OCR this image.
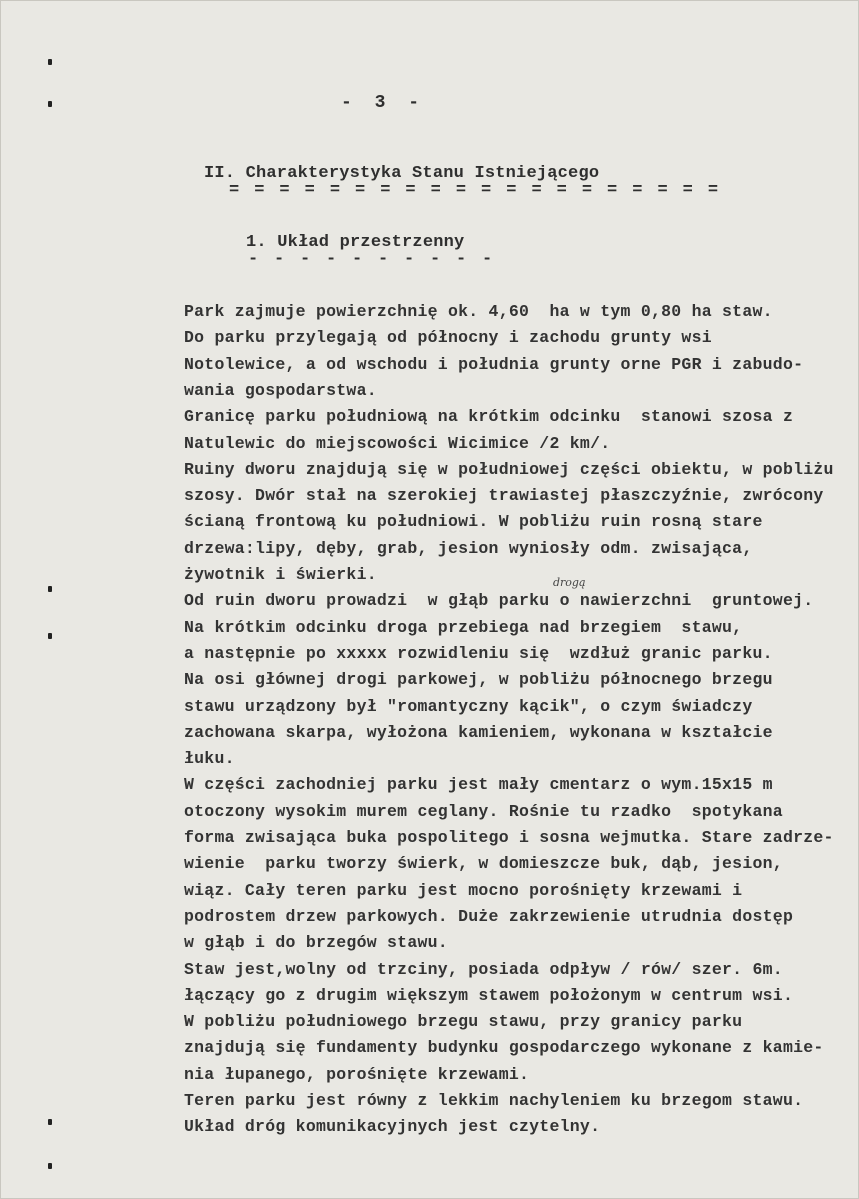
- 3 -
II. Charakterystyka Stanu Istniejącego
= = = = = = = = = = = = = = = = = = = =
1. Układ przestrzenny
- - - - - - - - - -
drogą
Park zajmuje powierzchnię ok. 4,60  ha w tym 0,80 ha staw.
Do parku przylegają od północny i zachodu grunty wsi
Notolewice, a od wschodu i południa grunty orne PGR i zabudo-
wania gospodarstwa.
Granicę parku południową na krótkim odcinku  stanowi szosa z
Natulewic do miejscowości Wicimice /2 km/.
Ruiny dworu znajdują się w południowej części obiektu, w pobliżu
szosy. Dwór stał na szerokiej trawiastej płaszczyźnie, zwrócony
ścianą frontową ku południowi. W pobliżu ruin rosną stare
drzewa:lipy, dęby, grab, jesion wyniosły odm. zwisająca,
żywotnik i świerki.
Od ruin dworu prowadzi  w głąb parku o nawierzchni  gruntowej.
Na krótkim odcinku droga przebiega nad brzegiem  stawu,
a następnie po xxxxx rozwidleniu się  wzdłuż granic parku.
Na osi głównej drogi parkowej, w pobliżu północnego brzegu
stawu urządzony był "romantyczny kącik", o czym świadczy
zachowana skarpa, wyłożona kamieniem, wykonana w kształcie
łuku.
W części zachodniej parku jest mały cmentarz o wym.15x15 m
otoczony wysokim murem ceglany. Rośnie tu rzadko  spotykana
forma zwisająca buka pospolitego i sosna wejmutka. Stare zadrze-
wienie  parku tworzy świerk, w domieszcze buk, dąb, jesion,
wiąz. Cały teren parku jest mocno porośnięty krzewami i
podrostem drzew parkowych. Duże zakrzewienie utrudnia dostęp
w głąb i do brzegów stawu.
Staw jest,wolny od trzciny, posiada odpływ / rów/ szer. 6m.
łączący go z drugim większym stawem położonym w centrum wsi.
W pobliżu południowego brzegu stawu, przy granicy parku
znajdują się fundamenty budynku gospodarczego wykonane z kamie-
nia łupanego, porośnięte krzewami.
Teren parku jest równy z lekkim nachyleniem ku brzegom stawu.
Układ dróg komunikacyjnych jest czytelny.
